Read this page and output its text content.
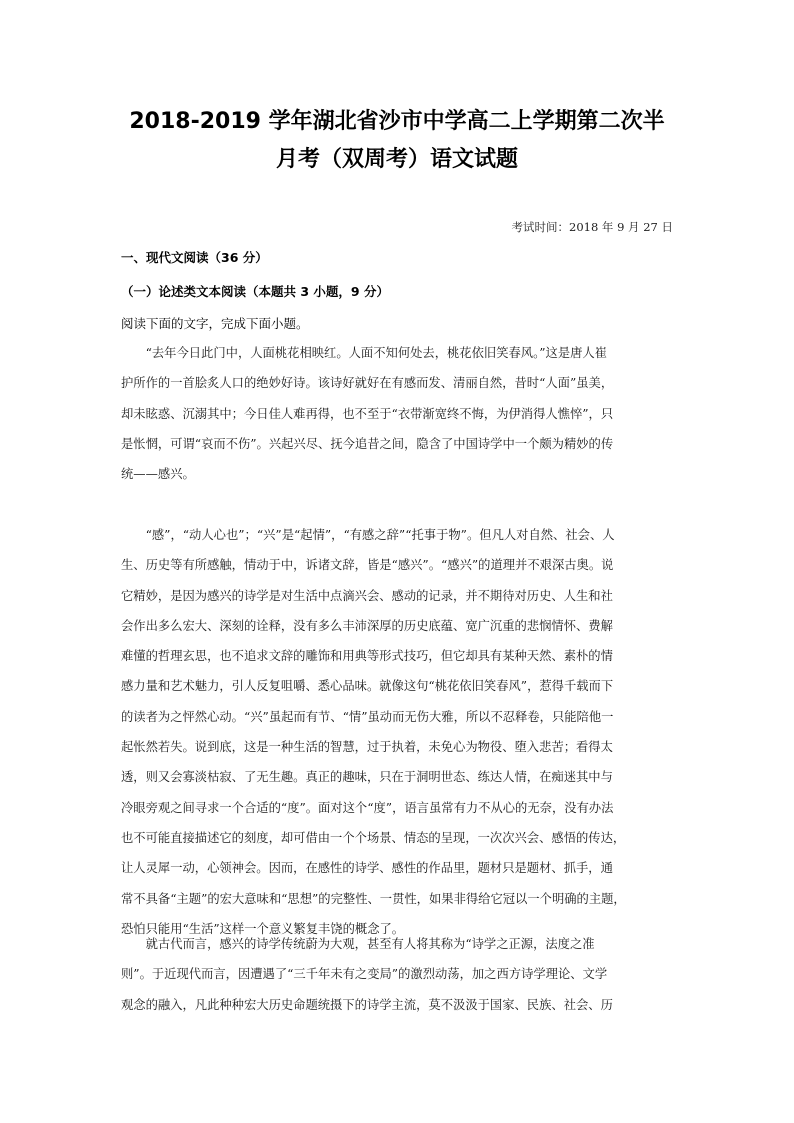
2018-2019 学年湖北省沙市中学高二上学期第二次半
月考（双周考）语文试题
考试时间：2018 年 9 月 27 日
一、现代文阅读（36 分）
（一）论述类文本阅读（本题共 3 小题，9 分）
阅读下面的文字，完成下面小题。
　　“去年今日此门中，人面桃花相映红。人面不知何处去，桃花依旧笑春风。”这是唐人崔
护所作的一首脍炙人口的绝妙好诗。该诗好就好在有感而发、清丽自然，昔时“人面”虽美，
却未眩惑、沉溺其中；今日佳人难再得，也不至于“衣带渐宽终不悔，为伊消得人憔悴”，只
是怅惘，可谓“哀而不伤”。兴起兴尽、抚今追昔之间，隐含了中国诗学中一个颇为精妙的传
统——感兴。
　　“感”，“动人心也”；“兴”是“起情”，“有感之辞”“托事于物”。但凡人对自然、社会、人
生、历史等有所感触，情动于中，诉诸文辞，皆是“感兴”。“感兴”的道理并不艰深古奥。说
它精妙，是因为感兴的诗学是对生活中点滴兴会、感动的记录，并不期待对历史、人生和社
会作出多么宏大、深刻的诠释，没有多么丰沛深厚的历史底蕴、宽广沉重的悲悯情怀、费解
难懂的哲理玄思，也不追求文辞的雕饰和用典等形式技巧，但它却具有某种天然、素朴的情
感力量和艺术魅力，引人反复咀嚼、悉心品味。就像这句“桃花依旧笑春风”，惹得千载而下
的读者为之怦然心动。“兴”虽起而有节、“情”虽动而无伤大雅，所以不忍释卷，只能陪他一
起怅然若失。说到底，这是一种生活的智慧，过于执着，未免心为物役、堕入悲苦；看得太
透，则又会寡淡枯寂、了无生趣。真正的趣味，只在于洞明世态、练达人情，在痴迷其中与
冷眼旁观之间寻求一个合适的“度”。面对这个“度”，语言虽常有力不从心的无奈，没有办法
也不可能直接描述它的刻度，却可借由一个个场景、情态的呈现，一次次兴会、感悟的传达，
让人灵犀一动，心领神会。因而，在感性的诗学、感性的作品里，题材只是题材、抓手，通
常不具备“主题”的宏大意味和“思想”的完整性、一贯性，如果非得给它冠以一个明确的主题，
恐怕只能用“生活”这样一个意义繁复丰饶的概念了。
　　就古代而言，感兴的诗学传统蔚为大观，甚至有人将其称为“诗学之正源，法度之准
则”。于近现代而言，因遭遇了“三千年未有之变局”的激烈动荡，加之西方诗学理论、文学
观念的融入，凡此种种宏大历史命题统摄下的诗学主流，莫不汲汲于国家、民族、社会、历
